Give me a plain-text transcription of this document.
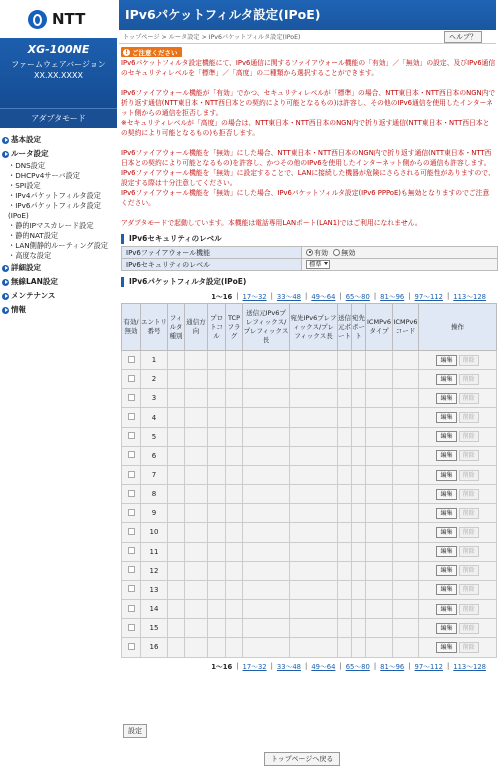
NTT
XG-100NE
ファームウェアバージョン
XX.XX.XXXX
アダプタモード
基本設定
ルータ設定
・DNS設定
・DHCPv4サーバ設定
・SPI設定
・IPv4パケットフィルタ設定
・IPv6パケットフィルタ設定
(IPoE)
・静的IPマスカレード設定
・静的NAT設定
・LAN側静的ルーティング設定
・高度な設定
詳細設定
無線LAN設定
メンテナンス
情報
IPv6パケットフィルタ設定(IPoE)
トップページ > ルータ設定 > IPv6パケットフィルタ設定(IPoE)	ヘルプ？
! ご注意ください

IPv6パケットフィルタ設定機能にて、IPv6通信に関するファイアウォール機能の「有効」／「無効」の設定、及びIPv6通信のセキュリティレベルを「標準」／「高度」の二種類から選択することができます。

IPv6ファイアウォール機能が「有効」でかつ、セキュリティレベルが「標準」の場合、NTT東日本・NTT西日本のNGN内で折り返す通信(NTT東日本・NTT西日本との契約により可能となるもの)は許容し、その他のIPv6通信を使用したインターネット側からの通信を拒否します。
※セキュリティレベルが「高度」の場合は、NTT東日本・NTT西日本のNGN内で折り返す通信(NTT東日本・NTT西日本との契約により可能となるもの)も拒否します。

IPv6ファイアウォール機能を「無効」にした場合、NTT東日本・NTT西日本のNGN内で折り返す通信(NTT東日本・NTT西日本との契約により可能となるもの)を許容し、かつその他のIPv6を使用したインターネット側からの通信も許容します。
IPv6ファイアウォール機能を「無効」に設定することで、LANに接続した機器が危険にさらされる可能性がありますので、設定する際は十分注意してください。
IPv6ファイアウォール機能を「無効」にした場合、IPv6パケットフィルタ設定(IPv6 PPPoE)も無効となりますのでご注意ください。

アダプタモードで起動しています。本機能は電話専用LANポート(LAN1)ではご利用になれません。

IPv6セキュリティのレベル
IPv6ファイアウォール機能	有効 無効
IPv6セキュリティのレベル	標準
IPv6パケットフィルタ設定(IPoE)
1〜16 | 17〜32 | 33〜48 | 49〜64 | 65〜80 | 81〜96 | 97〜112 | 113〜128
有効/無効	エントリ番号	フィルタ種別	通信方向	プロトコル	TCPフラグ	送信元IPv6プレフィックス/プレフィックス長	宛先IPv6プレフィックス/プレフィックス長	送信元ポート	宛先ポート	ICMPv6タイプ	ICMPv6コード	操作
	1											編集 削除
	2											編集 削除
	3											編集 削除
	4											編集 削除
	5											編集 削除
	6											編集 削除
	7											編集 削除
	8											編集 削除
	9											編集 削除
	10											編集 削除
	11											編集 削除
	12											編集 削除
	13											編集 削除
	14											編集 削除
	15											編集 削除
	16											編集 削除
1〜16 | 17〜32 | 33〜48 | 49〜64 | 65〜80 | 81〜96 | 97〜112 | 113〜128
設定
トップページへ戻る
